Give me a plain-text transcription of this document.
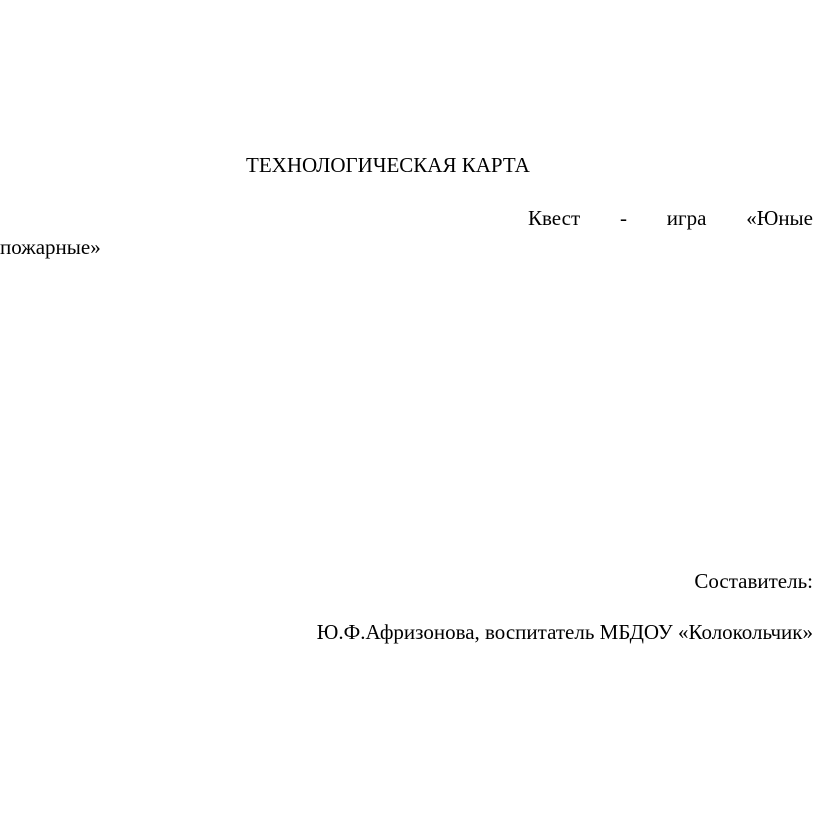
ТЕХНОЛОГИЧЕСКАЯ КАРТА
Квест - игра «Юные
пожарные»
Составитель:
Ю.Ф.Афризонова, воспитатель МБДОУ «Колокольчик»
